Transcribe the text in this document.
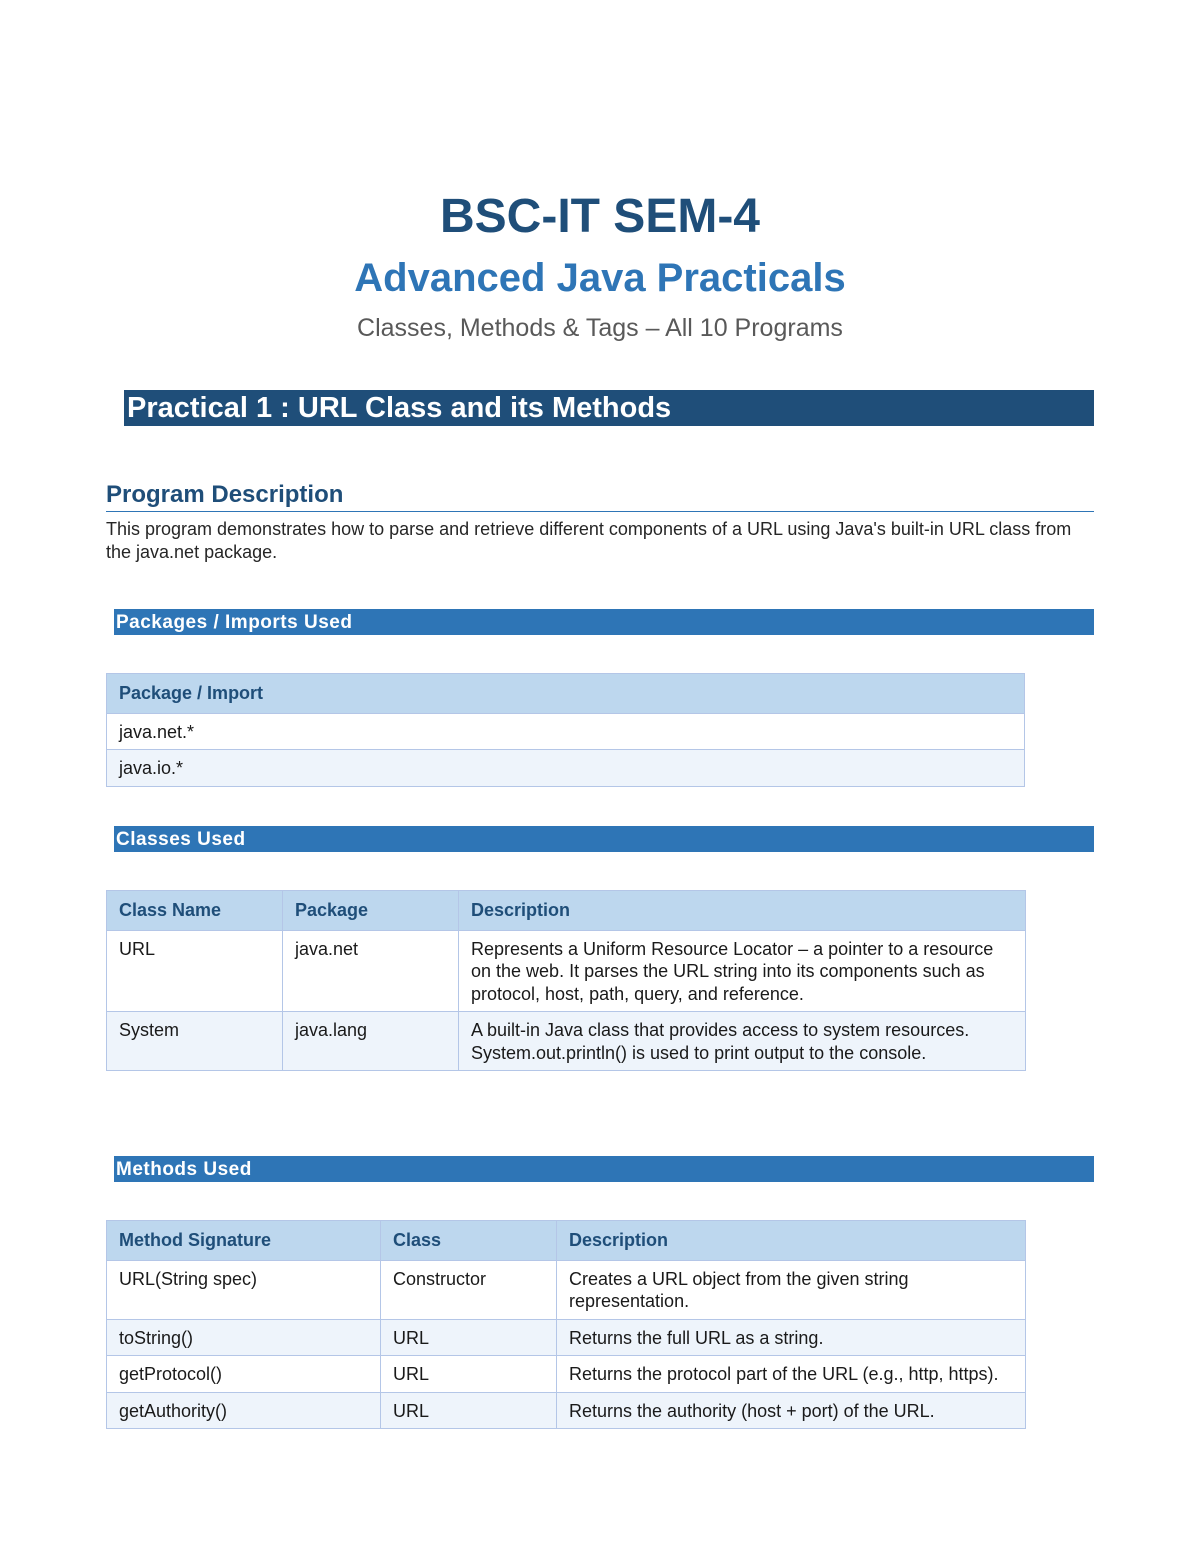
BSC-IT SEM-4
Advanced Java Practicals
Classes, Methods & Tags – All 10 Programs
Practical 1 : URL Class and its Methods
Program Description
This program demonstrates how to parse and retrieve different components of a URL using Java's built-in URL class from the java.net package.
Packages / Imports Used
Package / Import
java.net.*
java.io.*
Classes Used
Class Name	Package	Description
URL	java.net	Represents a Uniform Resource Locator – a pointer to a resource on the web. It parses the URL string into its components such as protocol, host, path, query, and reference.
System	java.lang	A built-in Java class that provides access to system resources. System.out.println() is used to print output to the console.
Methods Used
Method Signature	Class	Description
URL(String spec)	Constructor	Creates a URL object from the given string representation.
toString()	URL	Returns the full URL as a string.
getProtocol()	URL	Returns the protocol part of the URL (e.g., http, https).
getAuthority()	URL	Returns the authority (host + port) of the URL.
